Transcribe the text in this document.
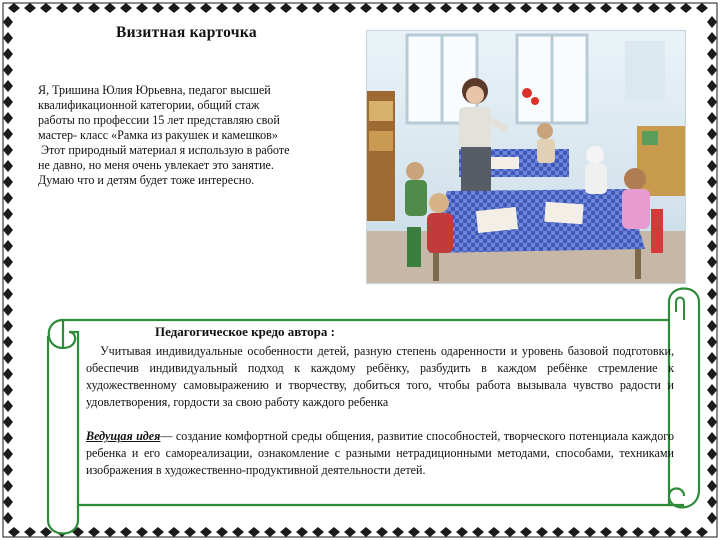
Визитная карточка

Я, Тришина Юлия Юрьевна, педагог высшей

квалификационной категории, общий стаж

работы по профессии 15 лет представляю свой

мастер- класс «Рамка из ракушек и камешков»

Этот природный материал я использую в работе

не давно, но меня очень увлекает это занятие.

Думаю что и детям будет тоже интересно.

Педагогическое кредо автора :

Учитывая индивидуальные особенности детей, разную степень одаренности и уровень базовой подготовки, обеспечив индивидуальный подход к каждому ребёнку, разбудить в каждом ребёнке стремление к художественному самовыражению и творчеству, добиться того, чтобы работа вызывала чувство радости и удовлетворения, гордости за свою работу каждого ребенка

Ведущая идея— создание комфортной среды общения, развитие способностей, творческого потенциала каждого ребенка и его самореализации, ознакомление с разными нетрадиционными методами, способами, техниками изображения в художественно-продуктивной деятельности детей.
